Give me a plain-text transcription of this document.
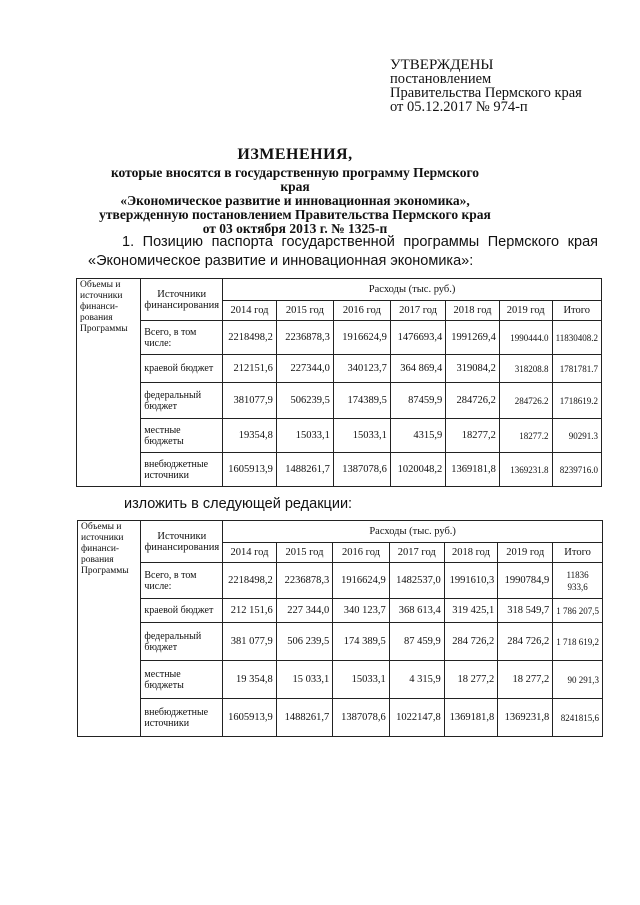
УТВЕРЖДЕНЫ
постановлением
Правительства Пермского края
от 05.12.2017 № 974-п
ИЗМЕНЕНИЯ,
которые вносятся в государственную программу Пермского края
«Экономическое развитие и инновационная экономика»,
утвержденную постановлением Правительства Пермского края
от 03 октября 2013 г. № 1325-п
1. Позицию паспорта государственной программы Пермского края
«Экономическое развитие и инновационная экономика»:
Объемы и источники финанси-рования Программы	Источники финансирования	Расходы (тыс. руб.)						
		2014 год	2015 год	2016 год	2017 год	2018 год	2019 год	Итого
	Всего, в том числе:	2218498,2	2236878,3	1916624,9	1476693,4	1991269,4	1990444.0	11830408.2
	краевой бюджет	212151,6	227344,0	340123,7	364 869,4	319084,2	318208.8	1781781.7
	федеральный бюджет	381077,9	506239,5	174389,5	87459,9	284726,2	284726.2	1718619.2
	местные бюджеты	19354,8	15033,1	15033,1	4315,9	18277,2	18277.2	90291.3
	внебюджетные источники	1605913,9	1488261,7	1387078,6	1020048,2	1369181,8	1369231.8	8239716.0
изложить в следующей редакции:
Объемы и источники финанси-рования Программы	Источники финансирования	Расходы (тыс. руб.)						
		2014 год	2015 год	2016 год	2017 год	2018 год	2019 год	Итого
	Всего, в том числе:	2218498,2	2236878,3	1916624,9	1482537,0	1991610,3	1990784,9	11836 933,6
	краевой бюджет	212 151,6	227 344,0	340 123,7	368 613,4	319 425,1	318 549,7	1 786 207,5
	федеральный бюджет	381 077,9	506 239,5	174 389,5	87 459,9	284 726,2	284 726,2	1 718 619,2
	местные бюджеты	19 354,8	15 033,1	15033,1	4 315,9	18 277,2	18 277,2	90 291,3
	внебюджетные источники	1605913,9	1488261,7	1387078,6	1022147,8	1369181,8	1369231,8	8241815,6
